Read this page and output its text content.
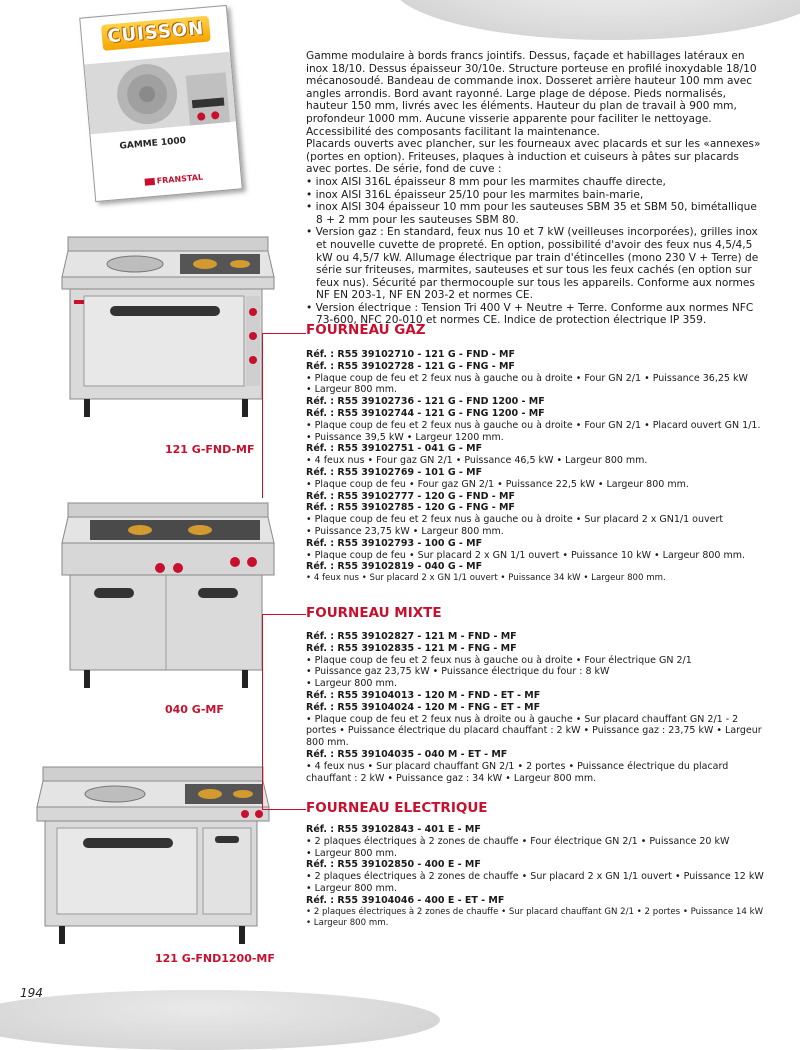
CUISSON
GAMME 1000
FRANSTAL

Gamme modulaire à bords francs jointifs. Dessus, façade et habillages latéraux en inox 18/10. Dessus épaisseur 30/10e. Structure porteuse en profilé inoxydable 18/10 mécanosoudé. Bandeau de commande inox. Dosseret arrière hauteur 100 mm avec angles arrondis. Bord avant rayonné. Large plage de dépose. Pieds normalisés, hauteur 150 mm, livrés avec les éléments. Hauteur du plan de travail à 900 mm, profondeur 1000 mm. Aucune visserie apparente pour faciliter le nettoyage. Accessibilité des composants facilitant la maintenance.

Placards ouverts avec plancher, sur les fourneaux avec placards et sur les «annexes» (portes en option). Friteuses, plaques à induction et cuiseurs à pâtes sur placards avec portes. De série, fond de cuve :

• inox AISI 316L épaisseur 8 mm pour les marmites chauffe directe,
• inox AISI 316L épaisseur 25/10 pour les marmites bain-marie,
• inox AISI 304 épaisseur 10 mm pour les sauteuses SBM 35 et SBM 50, bimétallique 8 + 2 mm pour les sauteuses SBM 80.
• Version gaz : En standard, feux nus 10 et 7 kW (veilleuses incorporées), grilles inox et nouvelle cuvette de propreté. En option, possibilité d'avoir des feux nus 4,5/4,5 kW ou 4,5/7 kW. Allumage électrique par train d'étincelles (mono 230 V + Terre) de série sur friteuses, marmites, sauteuses et sur tous les feux cachés (en option sur feux nus). Sécurité par thermocouple sur tous les appareils. Conforme aux normes NF EN 203-1, NF EN 203-2 et normes CE.
• Version électrique : Tension Tri 400 V + Neutre + Terre. Conforme aux normes NFC 73-600, NFC 20-010 et normes CE. Indice de protection électrique IP 359.
FOURNEAU GAZ
Réf. : R55 39102710 - 121 G - FND - MF
Réf. : R55 39102728 - 121 G - FNG - MF
• Plaque coup de feu et 2 feux nus à gauche ou à droite • Four GN 2/1 • Puissance 36,25 kW
• Largeur 800 mm.
Réf. : R55 39102736 - 121 G - FND 1200 - MF
Réf. : R55 39102744 - 121 G - FNG 1200 - MF
• Plaque coup de feu et 2 feux nus à gauche ou à droite • Four GN 2/1 • Placard ouvert GN 1/1.
• Puissance 39,5 kW • Largeur 1200 mm.
Réf. : R55 39102751 - 041 G - MF
• 4 feux nus • Four gaz GN 2/1 • Puissance 46,5 kW • Largeur 800 mm.
Réf. : R55 39102769 - 101 G - MF
• Plaque coup de feu • Four gaz GN 2/1 • Puissance 22,5 kW • Largeur 800 mm.
Réf. : R55 39102777 - 120 G - FND - MF
Réf. : R55 39102785 - 120 G - FNG - MF
• Plaque coup de feu et 2 feux nus à gauche ou à droite • Sur placard 2 x GN1/1 ouvert
• Puissance 23,75 kW • Largeur 800 mm.
Réf. : R55 39102793 - 100 G - MF
• Plaque coup de feu • Sur placard 2 x GN 1/1 ouvert • Puissance 10 kW • Largeur 800 mm.
Réf. : R55 39102819 - 040 G - MF
• 4 feux nus • Sur placard 2 x GN 1/1 ouvert • Puissance 34 kW • Largeur 800 mm.
FOURNEAU MIXTE
Réf. : R55 39102827 - 121 M - FND - MF
Réf. : R55 39102835 - 121 M - FNG - MF
• Plaque coup de feu et 2 feux nus à gauche ou à droite • Four électrique GN 2/1
• Puissance gaz 23,75 kW • Puissance électrique du four : 8 kW
• Largeur 800 mm.
Réf. : R55 39104013 - 120 M - FND - ET - MF
Réf. : R55 39104024 - 120 M - FNG - ET - MF
• Plaque coup de feu et 2 feux nus à droite ou à gauche • Sur placard chauffant GN 2/1 - 2 portes • Puissance électrique du placard chauffant : 2 kW • Puissance gaz : 23,75 kW • Largeur 800 mm.
Réf. : R55 39104035 - 040 M - ET - MF
• 4 feux nus • Sur placard chauffant GN 2/1 • 2 portes • Puissance électrique du placard chauffant : 2 kW • Puissance gaz : 34 kW • Largeur 800 mm.
FOURNEAU ELECTRIQUE
Réf. : R55 39102843 - 401 E - MF
• 2 plaques électriques à 2 zones de chauffe • Four électrique GN 2/1 • Puissance 20 kW
• Largeur 800 mm.
Réf. : R55 39102850 - 400 E - MF
• 2 plaques électriques à 2 zones de chauffe • Sur placard 2 x GN 1/1 ouvert • Puissance 12 kW • Largeur 800 mm.
Réf. : R55 39104046 - 400 E - ET - MF
• 2 plaques électriques à 2 zones de chauffe • Sur placard chauffant GN 2/1 • 2 portes • Puissance 14 kW • Largeur 800 mm.
121 G-FND-MF
040 G-MF
121 G-FND1200-MF
194
